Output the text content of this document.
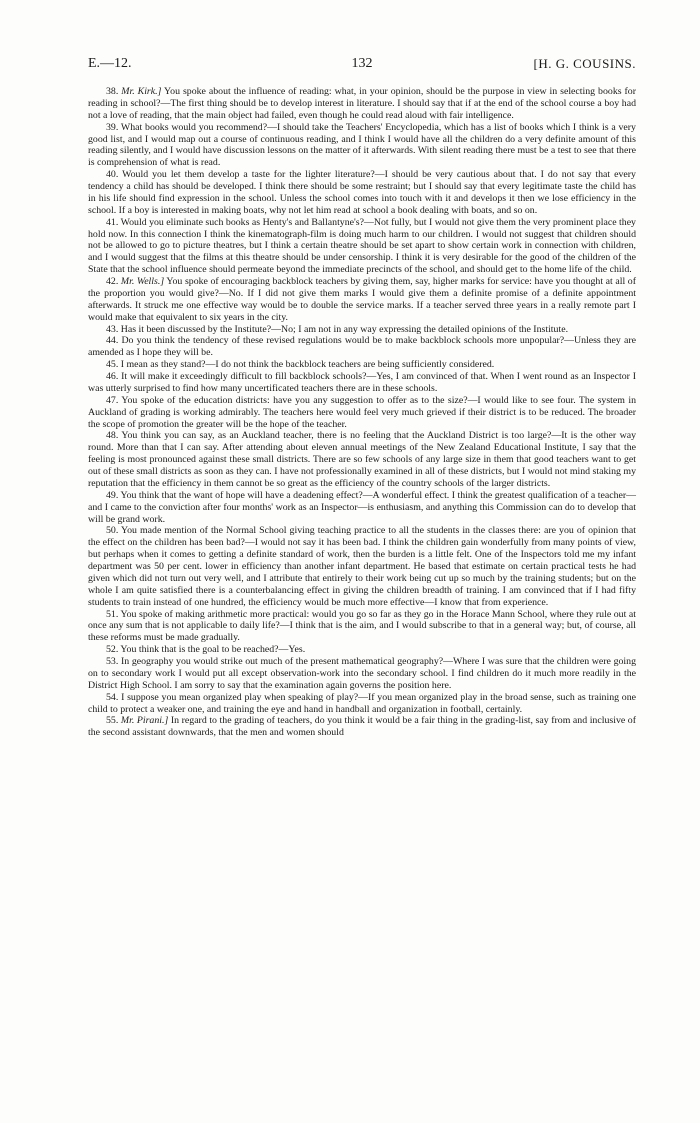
E.—12.	132	[H. G. COUSINS.

38. Mr. Kirk.] You spoke about the influence of reading: what, in your opinion, should be the purpose in view in selecting books for reading in school?—The first thing should be to develop interest in literature. I should say that if at the end of the school course a boy had not a love of reading, that the main object had failed, even though he could read aloud with fair intelligence.

39. What books would you recommend?—I should take the Teachers' Encyclopedia, which has a list of books which I think is a very good list, and I would map out a course of continuous reading, and I think I would have all the children do a very definite amount of this reading silently, and I would have discussion lessons on the matter of it afterwards. With silent reading there must be a test to see that there is comprehension of what is read.

40. Would you let them develop a taste for the lighter literature?—I should be very cautious about that. I do not say that every tendency a child has should be developed. I think there should be some restraint; but I should say that every legitimate taste the child has in his life should find expression in the school. Unless the school comes into touch with it and develops it then we lose efficiency in the school. If a boy is interested in making boats, why not let him read at school a book dealing with boats, and so on.

41. Would you eliminate such books as Henty's and Ballantyne's?—Not fully, but I would not give them the very prominent place they hold now. In this connection I think the kinematograph-film is doing much harm to our children. I would not suggest that children should not be allowed to go to picture theatres, but I think a certain theatre should be set apart to show certain work in connection with children, and I would suggest that the films at this theatre should be under censorship. I think it is very desirable for the good of the children of the State that the school influence should permeate beyond the immediate precincts of the school, and should get to the home life of the child.

42. Mr. Wells.] You spoke of encouraging backblock teachers by giving them, say, higher marks for service: have you thought at all of the proportion you would give?—No. If I did not give them marks I would give them a definite promise of a definite appointment afterwards. It struck me one effective way would be to double the service marks. If a teacher served three years in a really remote part I would make that equivalent to six years in the city.

43. Has it been discussed by the Institute?—No; I am not in any way expressing the detailed opinions of the Institute.

44. Do you think the tendency of these revised regulations would be to make backblock schools more unpopular?—Unless they are amended as I hope they will be.

45. I mean as they stand?—I do not think the backblock teachers are being sufficiently considered.

46. It will make it exceedingly difficult to fill backblock schools?—Yes, I am convinced of that. When I went round as an Inspector I was utterly surprised to find how many uncertificated teachers there are in these schools.

47. You spoke of the education districts: have you any suggestion to offer as to the size?—I would like to see four. The system in Auckland of grading is working admirably. The teachers here would feel very much grieved if their district is to be reduced. The broader the scope of promotion the greater will be the hope of the teacher.

48. You think you can say, as an Auckland teacher, there is no feeling that the Auckland District is too large?—It is the other way round. More than that I can say. After attending about eleven annual meetings of the New Zealand Educational Institute, I say that the feeling is most pronounced against these small districts. There are so few schools of any large size in them that good teachers want to get out of these small districts as soon as they can. I have not professionally examined in all of these districts, but I would not mind staking my reputation that the efficiency in them cannot be so great as the efficiency of the country schools of the larger districts.

49. You think that the want of hope will have a deadening effect?—A wonderful effect. I think the greatest qualification of a teacher—and I came to the conviction after four months' work as an Inspector—is enthusiasm, and anything this Commission can do to develop that will be grand work.

50. You made mention of the Normal School giving teaching practice to all the students in the classes there: are you of opinion that the effect on the children has been bad?—I would not say it has been bad. I think the children gain wonderfully from many points of view, but perhaps when it comes to getting a definite standard of work, then the burden is a little felt. One of the Inspectors told me my infant department was 50 per cent. lower in efficiency than another infant department. He based that estimate on certain practical tests he had given which did not turn out very well, and I attribute that entirely to their work being cut up so much by the training students; but on the whole I am quite satisfied there is a counterbalancing effect in giving the children breadth of training. I am convinced that if I had fifty students to train instead of one hundred, the efficiency would be much more effective—I know that from experience.

51. You spoke of making arithmetic more practical: would you go so far as they go in the Horace Mann School, where they rule out at once any sum that is not applicable to daily life?—I think that is the aim, and I would subscribe to that in a general way; but, of course, all these reforms must be made gradually.

52. You think that is the goal to be reached?—Yes.

53. In geography you would strike out much of the present mathematical geography?—Where I was sure that the children were going on to secondary work I would put all except observation-work into the secondary school. I find children do it much more readily in the District High School. I am sorry to say that the examination again governs the position here.

54. I suppose you mean organized play when speaking of play?—If you mean organized play in the broad sense, such as training one child to protect a weaker one, and training the eye and hand in handball and organization in football, certainly.

55. Mr. Pirani.] In regard to the grading of teachers, do you think it would be a fair thing in the grading-list, say from and inclusive of the second assistant downwards, that the men and women should
